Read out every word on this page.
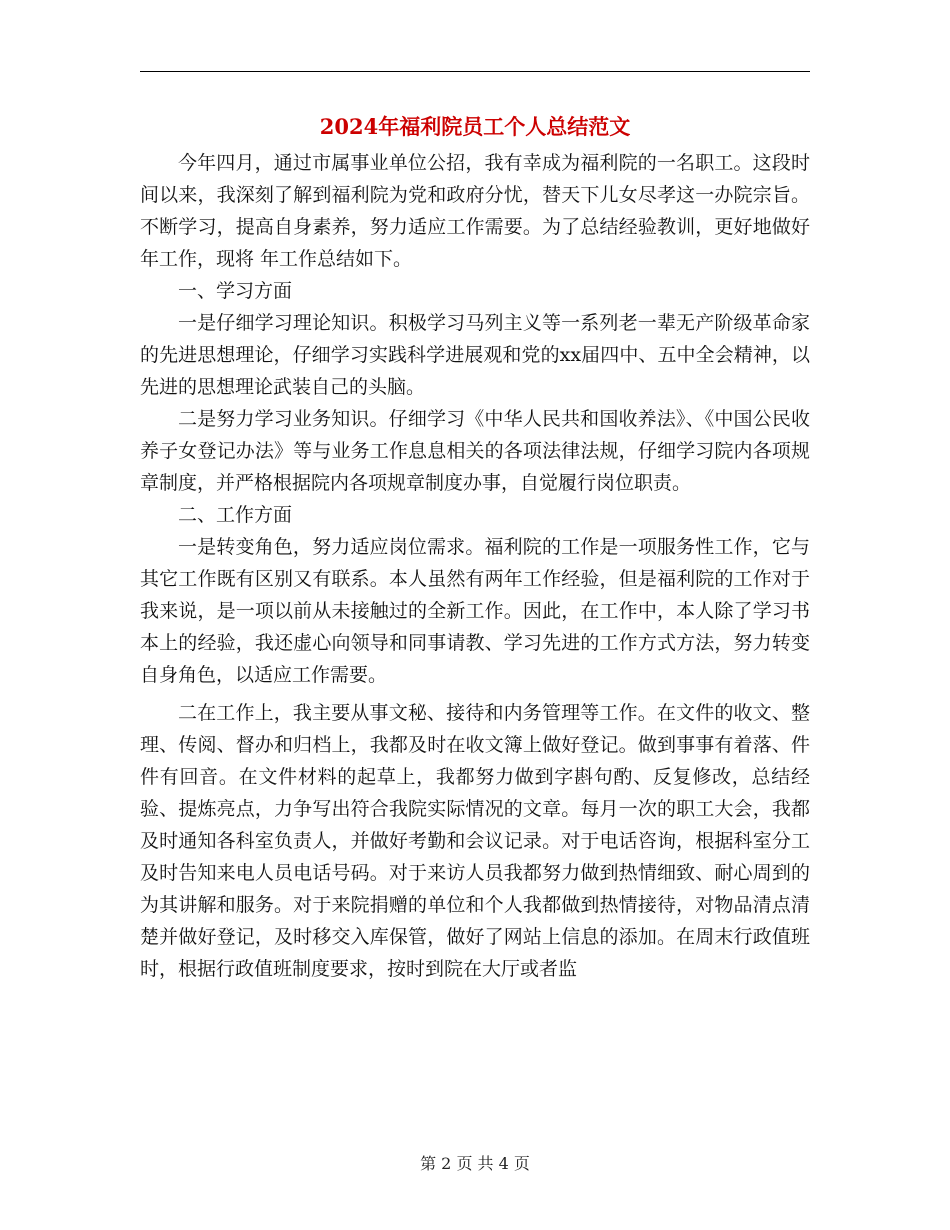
2024年福利院员工个人总结范文

今年四月，通过市属事业单位公招，我有幸成为福利院的一名职工。这段时间以来，我深刻了解到福利院为党和政府分忧，替天下儿女尽孝这一办院宗旨。不断学习，提高自身素养，努力适应工作需要。为了总结经验教训，更好地做好 年工作，现将 年工作总结如下。

一、学习方面

一是仔细学习理论知识。积极学习马列主义等一系列老一辈无产阶级革命家的先进思想理论，仔细学习实践科学进展观和党的xx届四中、五中全会精神，以先进的思想理论武装自己的头脑。

二是努力学习业务知识。仔细学习《中华人民共和国收养法》、《中国公民收养子女登记办法》等与业务工作息息相关的各项法律法规，仔细学习院内各项规章制度，并严格根据院内各项规章制度办事，自觉履行岗位职责。

二、工作方面

一是转变角色，努力适应岗位需求。福利院的工作是一项服务性工作，它与其它工作既有区别又有联系。本人虽然有两年工作经验，但是福利院的工作对于我来说，是一项以前从未接触过的全新工作。因此，在工作中，本人除了学习书本上的经验，我还虚心向领导和同事请教、学习先进的工作方式方法，努力转变自身角色，以适应工作需要。

二在工作上，我主要从事文秘、接待和内务管理等工作。在文件的收文、整理、传阅、督办和归档上，我都及时在收文簿上做好登记。做到事事有着落、件件有回音。在文件材料的起草上，我都努力做到字斟句酌、反复修改，总结经验、提炼亮点，力争写出符合我院实际情况的文章。每月一次的职工大会，我都及时通知各科室负责人，并做好考勤和会议记录。对于电话咨询，根据科室分工及时告知来电人员电话号码。对于来访人员我都努力做到热情细致、耐心周到的为其讲解和服务。对于来院捐赠的单位和个人我都做到热情接待，对物品清点清楚并做好登记，及时移交入库保管，做好了网站上信息的添加。在周末行政值班时，根据行政值班制度要求，按时到院在大厅或者监

第 2 页 共 4 页
